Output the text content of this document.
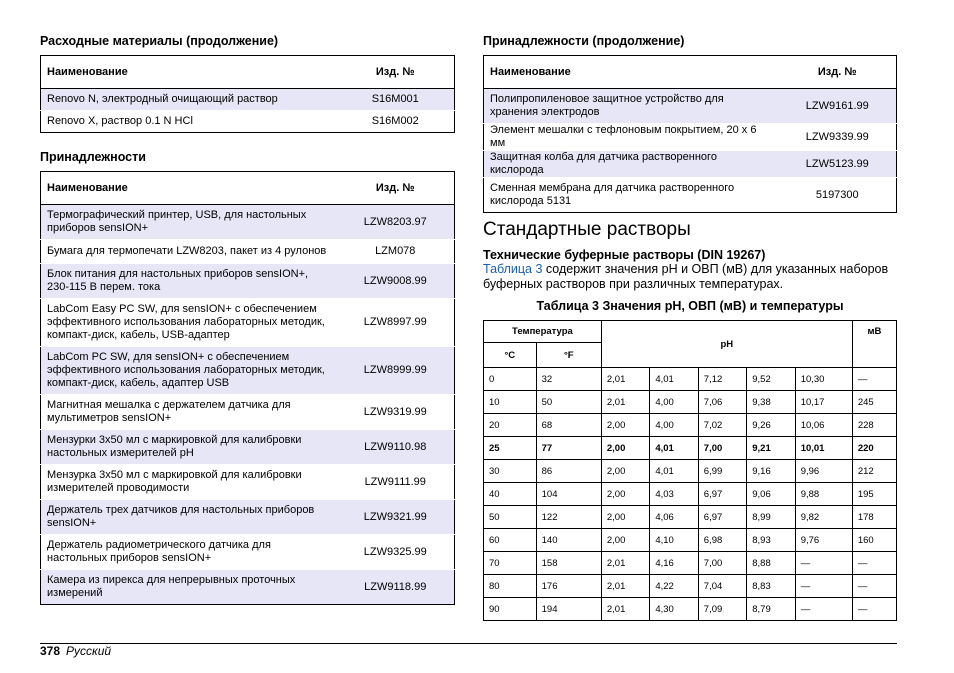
Расходные материалы (продолжение)
Наименование	Изд. №
Renovo N, электродный очищающий раствор	S16M001
Renovo X, раствор 0.1 N HCl	S16M002
Принадлежности
Наименование	Изд. №
Термографический принтер, USB, для настольных приборов sensION+	LZW8203.97
Бумага для термопечати LZW8203, пакет из 4 рулонов	LZM078
Блок питания для настольных приборов sensION+, 230-115 В перем. тока	LZW9008.99
LabCom Easy PC SW, для sensION+ с обеспечением эффективного использования лабораторных методик, компакт-диск, кабель, USB-адаптер	LZW8997.99
LabCom PC SW, для sensION+ с обеспечением эффективного использования лабораторных методик, компакт-диск, кабель, адаптер USB	LZW8999.99
Магнитная мешалка с держателем датчика для мультиметров sensION+	LZW9319.99
Мензурки 3x50 мл с маркировкой для калибровки настольных измерителей pH	LZW9110.98
Мензурка 3x50 мл с маркировкой для калибровки измерителей проводимости	LZW9111.99
Держатель трех датчиков для настольных приборов sensION+	LZW9321.99
Держатель радиометрического датчика для настольных приборов sensION+	LZW9325.99
Камера из пирекса для непрерывных проточных измерений	LZW9118.99
Принадлежности (продолжение)
Наименование	Изд. №
Полипропиленовое защитное устройство для хранения электродов	LZW9161.99
Элемент мешалки с тефлоновым покрытием, 20 x 6 мм	LZW9339.99
Защитная колба для датчика растворенного кислорода	LZW5123.99
Сменная мембрана для датчика растворенного кислорода 5131	5197300
Стандартные растворы
Технические буферные растворы (DIN 19267)
Таблица 3 содержит значения pH и ОВП (мВ) для указанных наборов буферных растворов при различных температурах.
Таблица 3 Значения pH, ОВП (мВ) и температуры
Температура		pH					мВ
°C	°F						
0	32	2,01	4,01	7,12	9,52	10,30	—
10	50	2,01	4,00	7,06	9,38	10,17	245
20	68	2,00	4,00	7,02	9,26	10,06	228
25	77	2,00	4,01	7,00	9,21	10,01	220
30	86	2,00	4,01	6,99	9,16	9,96	212
40	104	2,00	4,03	6,97	9,06	9,88	195
50	122	2,00	4,06	6,97	8,99	9,82	178
60	140	2,00	4,10	6,98	8,93	9,76	160
70	158	2,01	4,16	7,00	8,88	—	—
80	176	2,01	4,22	7,04	8,83	—	—
90	194	2,01	4,30	7,09	8,79	—	—
378 Русский
